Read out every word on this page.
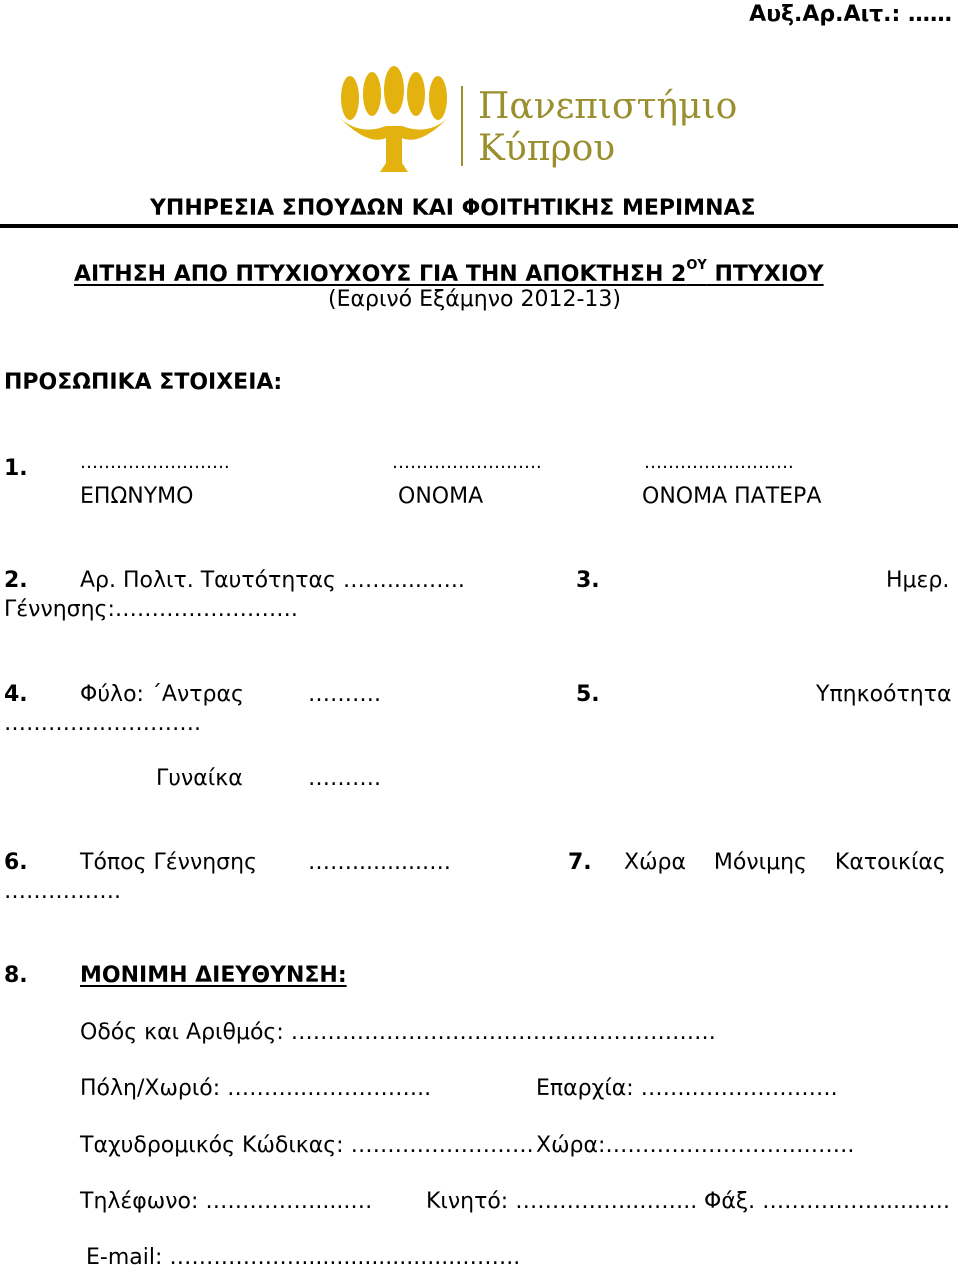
Αυξ.Αρ.Αιτ.: ……
Πανεπιστήμιο
Κύπρου
ΥΠΗΡΕΣΙΑ ΣΠΟΥΔΩΝ ΚΑΙ ΦΟΙΤΗΤΙΚΗΣ ΜΕΡΙΜΝΑΣ
ΑΙΤΗΣΗ ΑΠΟ ΠΤΥΧΙΟΥΧΟΥΣ ΓΙΑ ΤΗΝ ΑΠΟΚΤΗΣΗ $2^{O\Upsilon}$ ΠΤΥΧΙΟΥ
(Εαρινό Εξάμηνο 2012-13)
ΠΡΟΣΩΠΙΚΑ ΣΤΟΙΧΕΙΑ:
1.	…………………….	…………………….	…………………….
ΕΠΩΝΥΜΟ	ΟΝΟΜΑ	ΟΝΟΜΑ ΠΑΤΕΡΑ
2. Αρ. Πολιτ. Ταυτότητας ……......…..	3.	Ημερ.
Γέννησης:…………………….
4. Φύλο: ΄Αντρας	……….	5.	Υπηκοότητα
…………..………….
Γυναίκα	……….
6. Τόπος Γέννησης ……..........….	7. Χώρα    Μόνιμης    Κατοικίας
…………….
8. ΜΟΝΙΜΗ ΔΙΕΥΘΥΝΣΗ:
Οδός και Αριθμός: ………………………………………………….
Πόλη/Χωριό: ………..……………..	Επαρχία: ……..……………….
Ταχυδρομικός Κώδικας: ……………………. Χώρα:…………………………….
Τηλέφωνο: …………….....… Κινητό: ……………..…….. Φάξ. …………….......….
E-mail: ……………….......................……..
